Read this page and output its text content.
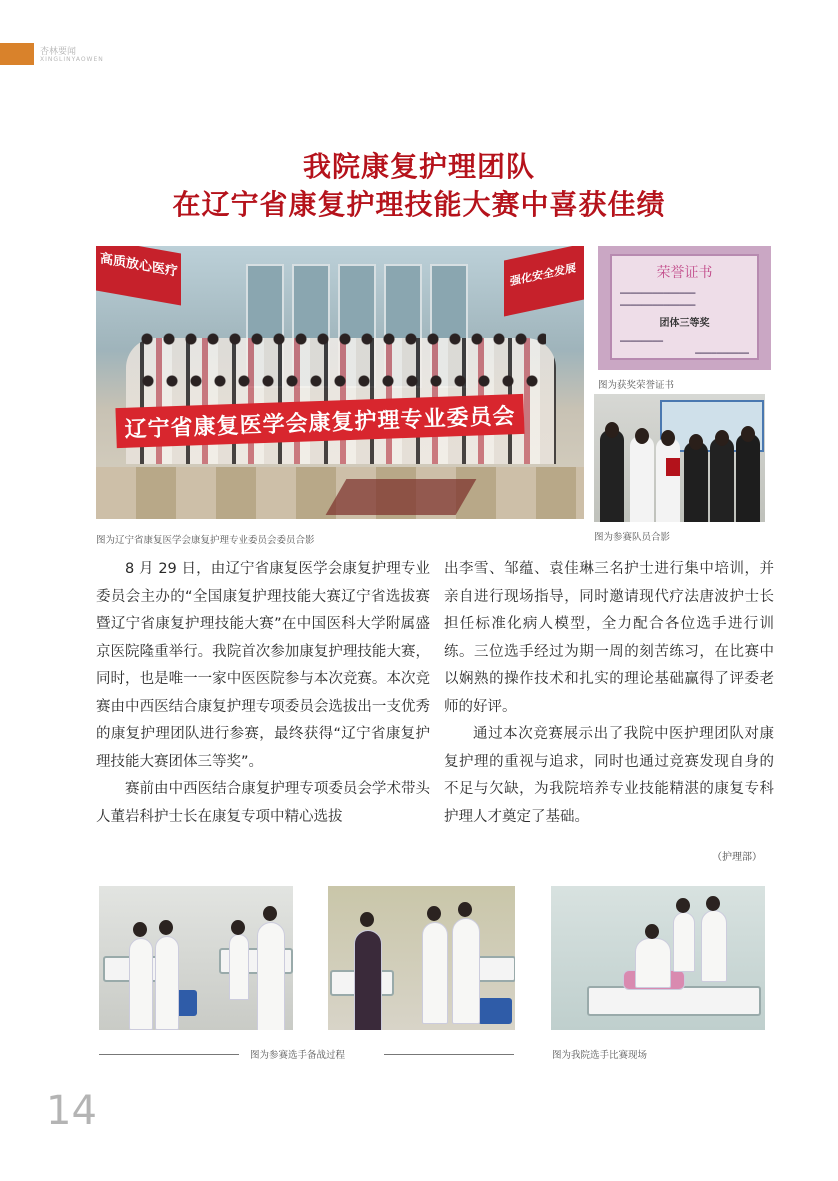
杏林要闻
XINGLINYAOWEN
我院康复护理团队
在辽宁省康复护理技能大赛中喜获佳绩
高质放心医疗	强化安全发展
辽宁省康复医学会康复护理专业委员会
图为辽宁省康复医学会康复护理专业委员会委员合影
荣誉证书
▁▁▁▁▁▁▁▁▁▁▁▁▁▁
▁▁▁▁▁▁▁▁▁▁▁▁▁▁
团体三等奖
▁▁▁▁▁▁▁▁
▁▁▁▁▁▁▁▁▁▁
图为获奖荣誉证书
图为参赛队员合影

8 月 29 日，由辽宁省康复医学会康复护理专业委员会主办的“全国康复护理技能大赛辽宁省选拔赛暨辽宁省康复护理技能大赛”在中国医科大学附属盛京医院隆重举行。我院首次参加康复护理技能大赛，同时，也是唯一一家中医医院参与本次竞赛。本次竞赛由中西医结合康复护理专项委员会选拔出一支优秀的康复护理团队进行参赛，最终获得“辽宁省康复护理技能大赛团体三等奖”。

赛前由中西医结合康复护理专项委员会学术带头人董岩科护士长在康复专项中精心选拔

出李雪、邹蕴、袁佳琳三名护士进行集中培训，并亲自进行现场指导，同时邀请现代疗法唐波护士长担任标准化病人模型，全力配合各位选手进行训练。三位选手经过为期一周的刻苦练习，在比赛中以娴熟的操作技术和扎实的理论基础赢得了评委老师的好评。

通过本次竞赛展示出了我院中医护理团队对康复护理的重视与追求，同时也通过竞赛发现自身的不足与欠缺，为我院培养专业技能精湛的康复专科护理人才奠定了基础。

（护理部）
图为参赛选手备战过程	图为我院选手比赛现场
14
